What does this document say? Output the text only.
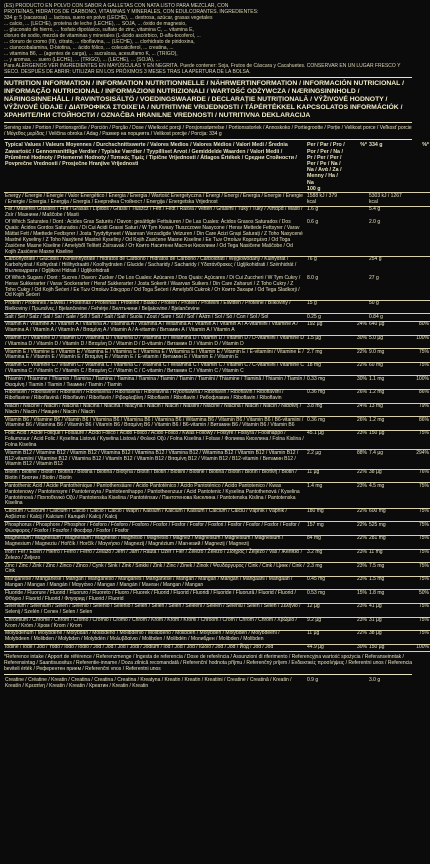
(ES) PRODUCTO EN POLVO CON SABOR A GALLETAS CON NATA LISTO PARA MEZCLAR, CON
PROTEÍNAS, HIDRATOS DE CARBONO, VITAMINAS Y MINERALES, CON EDULCORANTES. INGREDIENTES:
334 g: 5 (sacarosa) ... lactosa, suero en polvo (LECHE), ... dextrosa, azúcar, grasas vegetales
... calcio, ... (LECHE), proteína de leche (LECHE), ... SOJA, ... óxido de magnesio,
... gluconato de hierro, ... fosfato dipotásico, sulfato de zinc, vitamina C, ... vitamina E,
cloruro de sodio, mezcla de vitaminas y minerales (L-ácido ascórbico, D-alfa-tocoferol, ...
... cloruro de cromo (III), citrato, ... riboflavina, ... (LECHE), ... clorhidrato de piridoxina,
... cianocobalamina, D-biotina, ... ácido fólico, ... colecalciferol, ... creatina, ...
... vitamina B6, ... (agentes de carga), ... sucralosa, acesulfamo K, ... (TRIGO),
... y aromas, ... suero (LECHE), ... (TRIGO), ... (LECHE), ... (SOJA), ...
Para ALÉRGENOS VER INGREDIENTES EN MAYÚSCULAS Y EN NEGRITA. Puede contener: Soja, Frutos de Cáscara y Cacahuetes. CONSERVAR EN UN LUGAR FRESCO Y SECO. DESPUÉS DE ABRIR: UTILIZAR EN LOS PRÓXIMOS 3 MESES TRAS LA APERTURA DE LA BOLSA.
NUTRITION INFORMATION / INFORMATION NUTRITIONNELLE / NÄHRWERTINFORMATION / INFORMACIÓN NUTRICIONAL / INFORMAÇÃO NUTRICIONAL / INFORMAZIONI NUTRIZIONALI / WARTOŚĆ ODŻYWCZA / NÆRINGSINNHOLD / NÄRINGSINNEHÅLL / RAVINTOSISÄLTÖ / VOEDINGSWAARDE / DECLARAȚIE NUTRIȚIONALĂ / VÝŽIVOVÉ HODNOTY / VÝŽIVOVÉ ÚDAJE / ΔΙΑΤΡΟΦΙΚΆ ΣΤΟΙΧΕΊΑ / NUTRITIVNE VRIJEDNOSTI / TÁPÉRTÉKKEL KAPCSOLATOS INFORMÁCIÓK / ХРАНИТЕЛНИ СТОЙНОСТИ / OZNAČBA HRANILNE VREDNOSTI / NUTRITIVNA DEKLARACIJA
Serving size / Portion / Portionsgröße / Porción / Porção / Dose / Wielkość porcji / Porsjonsstørrelse / Portionsstorlek / Annoskoko / Portiegrootte / Porție / Velikost porce / Veľkosť porcie / Μέγεθος μερίδας / Veličina obroka / Adag / Размер на порцията / Velikost porcije / Porcija: 334 g
Typical Values / Valeurs Moyennes / Durchschnittswerte / Valores Medios / Valores Médios / Valori Medi / Średnia Zawartość / Gennomsnittlige Verdier / Typiske Værdier / Tyypilliset Arvot / Gemiddelde Waarden / Valori Medii / Průměrné Hodnoty / Priemerné Hodnoty / Τυπικές Τιμές / Tipične Vrijednosti / Átlagos Értékek / Средни Стойности / Povprečne Vrednosti / Prosječne Hranjive Vrijednosti	Per / Par / Pro / Por / Per / Na / Pr / Per / Per / Per / Pe / Na / Na / Ανά / Za / Menny / На / Na
100 g	%*	334 g	%*
Energy / Énergie / Energie / Valor Energético / Energia / Energia / Wartość Energetyczna / Energi / Energi / Energia / Energie / Energie / Energie / Energia / Energija / Energia / Енергийна Стойност / Energija / Energetska Vrijednost	1588 kJ / 379 kcal		5303 kJ / 1267 kcal	
Fat / Matières Grasses / Fett / Grasas / Lípidos / Grassi / Tłuszcz / Fett / Fedt / Rasva / Vetten / Grăsimi / Tuky / Tuky / Λιπαρά / Masti / Zsír / Мазнини / Maščobe / Masti	1.6 g		5.4 g	
Of Which Saturates / Dont : Acides Gras Saturés / Davon: gesättigte Fettsäuren / De Las Cuales: Ácidos Grasos Saturados / Dos Quais: Ácidos Gordos Saturados / Di Cui Acidi Grassi Saturi / W Tym Kwasy Tłuszczowe Nasycone / Herav Mettede Fettsyrer / Varav Mättat Fett / Mættede Fedtsyrer / Josta Tyydyttyneet / Waarvan Verzadigde Vetzuren / Din Care Acizi Grași Saturați / Z Toho Nasycené Mastné Kyseliny / Z Toho Nasýtené Mastné Kyseliny / Od Kojih Zasićene Masne Kiseline / Εκ Των Οποίων Κορεσμένα / Od Toga Zasićene Masne Kiseline / Amelyből Telített Zsírsavak / От Които Наситени Мастни Киселини / Od Tega Nasičene Maščobe / Od Kojih Zasićene Masne Kiseline	0.6 g		2.0 g	
Carbohydrate / Glucides / Kohlenhydrate / Hidratos de Carbono / Hidratos de Carbono / Carboidrati / Węglowodany / Kulhydrat / Karbohydrat / Kolhydrat / Hiilihydraatti / Koolhydraten / Glucide / Sacharidy / Sacharidy / Υδατάνθρακες / Ugljikohidrati / Szénhidrát / Въглехидрати / Ogljikovi Hidrati / Ugljikohidrati	76 g		254 g	
Of Which Sugars / Dont : Sucres / Davon: Zucker / De Los Cuales: Azúcares / Dos Quais: Açúcares / Di Cui Zuccheri / W Tym Cukry / Herav Sukkerarter / Varav Sockerarter / Heraf Sukkerarter / Josta Sokerit / Waarvan Suikers / Din Care Zaharuri / Z Toho Cukry / Z Toho Cukry / Od Kojih Šećeri / Εκ Των Οποίων Σάκχαρα / Od Toga Šećeri / Amelyből Cukrok / От Които Захари / Od Tega Sladkorji / Od Kojih Šećeri	8.0 g		27 g	
Protein / Protéines / Eiweiß / Proteínas / Proteínas / Proteine / Białko / Protein / Protein / Proteiini / Eiwitten / Proteine / Bílkoviny / Bielkoviny / Πρωτεΐνες / Bjelančevine / Fehérje / Белтъчини / Beljakovine / Bjelančevine	15 g		50 g	
Salt / Sel / Salz / Sal / Sal / Sale / Sól / Salt / Salt / Salt / Suola / Zout / Sare / Sůl / Soľ / Αλάτι / Sol / Só / Сол / Sol / Sol	0.25 g		0.84 g	
Vitamin A / Vitamine A / Vitamin A / Vitamina A / Vitamina A / Vitamina A / Witamina A / Vitamin A / Vitamin A / A-vitamiini / Vitamine A / Vitamina A / Vitamín A / Vitamín A / Βιταμίνη A / Vitamin A / A-vitamin / Витамин A / Vitamin A / Vitamin A	192 µg	24%	640 µg	80%
Vitamin D / Vitamine D / Vitamin D / Vitamina D / Vitamina D / Vitamina D / Witamina D / Vitamin D / Vitamin D / D-vitamiini / Vitamine D / Vitamina D / Vitamín D / Vitamín D / Βιταμίνη D / Vitamin D / D-vitamin / Витамин D / Vitamin D / Vitamin D	1.5 µg	30%	5.0 µg	100%
Vitamin E / Vitamine E / Vitamin E / Vitamina E / Vitamina E / Vitamina E / Witamina E / Vitamin E / Vitamin E / E-vitamiini / Vitamine E / Vitamina E / Vitamín E / Vitamín E / Βιταμίνη E / Vitamin E / E-vitamin / Витамин E / Vitamin E / Vitamin E	2.7 mg	22%	9.0 mg	75%
Vitamin C / Vitamine C / Vitamin C / Vitamina C / Vitamina C / Vitamina C / Witamina C / Vitamin C / Vitamin C / C-vitamiini / Vitamine C / Vitamina C / Vitamín C / Vitamín C / Βιταμίνη C / Vitamin C / C-vitamin / Витамин C / Vitamin C / Vitamin C	18 mg	22%	60 mg	75%
Thiamin / Thiamine / Thiamin / Tiamina / Tiamina / Tiamina / Tiamina / Tiamin / Tiamin / Tiamiini / Thiamine / Tiamină / Thiamin / Tiamín / Θειαμίνη / Tiamin / Tiamin / Тиамин / Tiamin / Tiamin	0.33 mg	30%	1.1 mg	100%
Riboflavin / Riboflavine / Riboflavin / Riboflavina / Riboflavina / Riboflavina / Ryboflawina / Riboflavin / Riboflavin / Riboflaviini / Riboflavine / Riboflavină / Riboflavin / Riboflavín / Ριβοφλαβίνη / Riboflavin / Riboflavin / Рибофлавин / Riboflavin / Riboflavin	0.36 mg	26%	1.2 mg	86%
Niacin / Niacine / Niacin / Niacina / Niacina / Niacina / Niacyna / Niacin / Niacin / Niasiini / Niacine / Niacină / Niacin / Niacín / Νιασίνη / Niacin / Niacin / Ниацин / Niacin / Niacin	3.8 mg	24%	13 mg	79%
Vitamin B6 / Vitamine B6 / Vitamin B6 / Vitamina B6 / Vitamina B6 / Vitamina B6 / Witamina B6 / Vitamin B6 / Vitamin B6 / B6-vitamiini / Vitamine B6 / Vitamina B6 / Vitamín B6 / Vitamín B6 / Βιταμίνη B6 / Vitamin B6 / B6-vitamin / Витамин B6 / Vitamin B6 / Vitamin B6	0.36 mg	26%	1.2 mg	86%
Folic Acid / Acide Folique / Folsäure / Ácido Fólico / Ácido Fólico / Acido Folico / Kwas Foliowy / Folsyre / Folsyra / Foolihappo / Foliumzuur / Acid Folic / Kyselina Listová / Kyselina Listová / Φολικό Οξύ / Folna Kiselina / Folsav / Фолиева Киселина / Folna Kislina / Folna Kiselina	45.1 µg	23%	150 µg	75%
Vitamin B12 / Vitamine B12 / Vitamin B12 / Vitamina B12 / Vitamina B12 / Vitamina B12 / Witamina B12 / Vitamin B12 / Vitamin B12 / B12-vitamiini / Vitamine B12 / Vitamina B12 / Vitamín B12 / Vitamín B12 / Βιταμίνη B12 / Vitamin B12 / B12-vitamin / Витамин B12 / Vitamin B12 / Vitamin B12	2.2 µg	88%	7.4 µg	294%
Biotin / Biotine / Biotin / Biotina / Biotina / Biotina / Biotyna / Biotin / Biotin / Biotiini / Biotine / Biotină / Biotin / Biotín / Βιοτίνη / Biotin / Biotin / Биотин / Biotin / Biotin	11 µg	22%	38 µg	76%
Pantothenic Acid / Acide Pantothénique / Pantothensäure / Ácido Pantoténico / Ácido Pantoténico / Acido Pantotenico / Kwas Pantotenowy / Pantotensyre / Pantotensyra / Pantoteenihappo / Pantotheenzuur / Acid Pantotenic / Kyselina Pantothenová / Kyselina Pantoténová / Παντοθενικό Οξύ / Pantotenska Kiselina / Pantoténsav / Пантотенова Киселина / Pantotenska Kislina / Pantotenska Kiselina	1.4 mg	23%	4.5 mg	75%
Calcium / Calcium / Calcium / Calcio / Cálcio / Calcio / Wapń / Kalsium / Kalcium / Kalsium / Calcium / Calciu / Vápník / Vápnik / Ασβέστιο / Kalcij / Kalcium / Калций / Kalcij / Kalcij	180 mg	22%	600 mg	75%
Phosphorus / Phosphore / Phosphor / Fósforo / Fósforo / Fosforo / Fosfor / Fosfor / Fosfor / Fosfori / Fosfor / Fosfor / Fosfor / Fosfor / Φώσφορος / Fosfor / Foszfor / Фосфор / Fosfor / Fosfor	157 mg	22%	525 mg	75%
Magnesium / Magnésium / Magnesium / Magnesio / Magnésio / Magnesio / Magnez / Magnesium / Magnesium / Magnesium / Magnesium / Magneziu / Hořčík / Horčík / Μαγνήσιο / Magnezij / Magnézium / Магнезий / Magnezij / Magnezij	84 mg	22%	281 mg	75%
Iron / Fer / Eisen / Hierro / Ferro / Ferro / Żelazo / Jern / Järn / Rauta / IJzer / Fier / Železo / Železo / Σίδηρος / Željezo / Vas / Желязо / Železo / Željezo	3.2 mg	23%	11 mg	75%
Zinc / Zinc / Zink / Zinc / Zinco / Zinco / Cynk / Sink / Zink / Sinkki / Zink / Zinc / Zinek / Zinok / Ψευδάργυρος / Cink / Cink / Цинк / Cink / Cink	2.3 mg	23%	7.5 mg	75%
Manganese / Manganèse / Mangan / Manganeso / Manganês / Manganese / Mangan / Mangan / Mangan / Mangaani / Mangaan / Mangan / Mangan / Mangán / Μαγγάνιο / Mangan / Mangán / Манган / Mangan / Mangan	0.45 mg	23%	1.5 mg	75%
Fluoride / Fluorure / Fluorid / Fluoruro / Fluoreto / Fluoro / Fluorek / Fluorid / Fluorid / Fluoridi / Fluoride / Fluorură / Fluorid / Fluorid / Φθόριο / Fluorid / Fluorid / Флуорид / Fluorid / Fluorid	0.53 mg	15%	1.8 mg	50%
Selenium / Sélénium / Selen / Selenio / Selénio / Selenio / Selen / Selen / Selen / Seleeni / Seleen / Seleniu / Selen / Selén / Σελήνιο / Selenij / Szelén / Селен / Selen / Selen	12 µg	23%	41 µg	75%
Chromium / Chrome / Chrom / Cromo / Crómio / Cromo / Chrom / Krom / Krom / Kromi / Chroom / Crom / Chrom / Chróm / Χρώμιο / Krom / Króm / Хром / Krom / Krom	9.2 µg	23%	31 µg	75%
Molybdenum / Molybdène / Molybdän / Molibdeno / Molibdénio / Molibdeno / Molibden / Molybden / Molybden / Molybdeeni / Molybdeen / Molibden / Molybden / Molybdén / Μολυβδαίνιο / Molibden / Molibdén / Молибден / Molibden / Molibden	11 µg	22%	38 µg	75%
Iodine / Iode / Jod / Yodo / Iodo / Iodio / Jod / Jod / Jod / Jodi / Jodium / Iod / Jód / Jód / Ιώδιο / Jod / Jód / Йод / Jod / Jod	44.9 µg	30%	150 µg	100%
*Reference intake / Apport de référence / Referenzmenge / Ingesta de referencia / Dose de referência / Assunzioni di riferimento / Referencyjna wartość spożycia / Referanseinntak / Referensintag / Saantisuositus / Referentie-inname / Doza zilnică recomandată / Referenční hodnota příjmu / Referenčný príjem / Ενδεικτικές προσλήψεις / Referentni unos / Referencia beviteli érték / Референтен прием / Referenčni vnos / Referentni unos
Creatine / Créatine / Kreatin / Creatina / Creatina / Creatina / Kreatyna / Kreatin / Kreatin / Kreatiini / Creatine / Creatină / Kreatin / Kreatín / Κρεατίνη / Kreatin / Kreatin / Креатин / Kreatin / Kreatin	0.9 g		3.0 g	
